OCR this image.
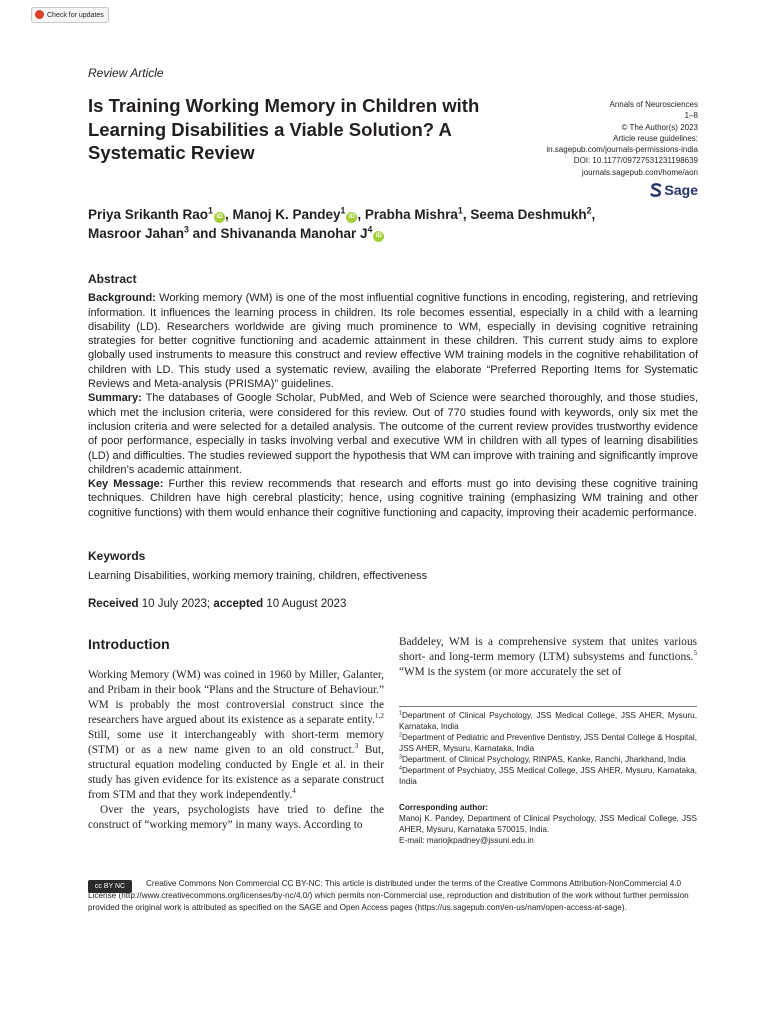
Check for updates
Review Article
Is Training Working Memory in Children with Learning Disabilities a Viable Solution? A Systematic Review
Annals of Neurosciences
1–8
© The Author(s) 2023
Article reuse guidelines:
in.sagepub.com/journals-permissions-india
DOI: 10.1177/09727531231198639
journals.sagepub.com/home/aon
Sage

Priya Srikanth Rao$^1$iD , Manoj K. Pandey$^1$iD , Prabha Mishra$^1$, Seema Deshmukh$^2$,
Masroor Jahan$^3$ and Shivananda Manohar $J^4iD$

Abstract

Background: Working memory (WM) is one of the most influential cognitive functions in encoding, registering, and retrieving information. It influences the learning process in children. Its role becomes essential, especially in a child with a learning disability (LD). Researchers worldwide are giving much prominence to WM, especially in devising cognitive retraining strategies for better cognitive functioning and academic attainment in these children. This current study aims to explore globally used instruments to measure this construct and review effective WM training models in the cognitive rehabilitation of children with LD. This study used a systematic review, availing the elaborate “Preferred Reporting Items for Systematic Reviews and Meta-analysis (PRISMA)” guidelines.

Summary: The databases of Google Scholar, PubMed, and Web of Science were searched thoroughly, and those studies, which met the inclusion criteria, were considered for this review. Out of 770 studies found with keywords, only six met the inclusion criteria and were selected for a detailed analysis. The outcome of the current review provides trustworthy evidence of poor performance, especially in tasks involving verbal and executive WM in children with all types of learning disabilities (LD) and difficulties. The studies reviewed support the hypothesis that WM can improve with training and significantly improve children’s academic attainment.

Key Message: Further this review recommends that research and efforts must go into devising these cognitive training techniques. Children have high cerebral plasticity; hence, using cognitive training (emphasizing WM training and other cognitive functions) with them would enhance their cognitive functioning and capacity, improving their academic performance.

Keywords

Learning Disabilities, working memory training, children, effectiveness

Received 10 July 2023; accepted 10 August 2023
Introduction

Working Memory (WM) was coined in 1960 by Miller, Galanter, and Pribam in their book “Plans and the Structure of Behaviour.” WM is probably the most controversial construct since the researchers have argued about its existence as a separate entity.$^{1,2}$ Still, some use it interchangeably with short-term memory (STM) or as a new name given to an old construct.$^3$ But, structural equation modeling conducted by Engle et al. in their study has given evidence for its existence as a separate construct from STM and that they work independently.$^4$

Over the years, psychologists have tried to define the construct of “working memory” in many ways. According to

Baddeley, WM is a comprehensive system that unites various short- and long-term memory (LTM) subsystems and functions.$^5$ “WM is the system (or more accurately the set of

$^1$Department of Clinical Psychology, JSS Medical College, JSS AHER, Mysuru, Karnataka, India
$^2$Department of Pediatric and Preventive Dentistry, JSS Dental College & Hospital, JSS AHER, Mysuru, Karnataka, India
$^3$Department. of Clinical Psychology, RINPAS, Kanke, Ranchi, Jharkhand, India
$^4$Department of Psychiatry, JSS Medical College, JSS AHER, Mysuru, Karnataka, India
Corresponding author:
Manoj K. Pandey, Department of Clinical Psychology, JSS Medical College, JSS AHER, Mysuru, Karnataka 570015, India.
E-mail: manojkpadney@jssuni.edu.in
cc BY NC	Creative Commons Non Commercial CC BY-NC: This article is distributed under the terms of the Creative Commons Attribution-NonCommercial 4.0 License (http://www.creativecommons.org/licenses/by-nc/4.0/) which permits non-Commercial use, reproduction and distribution of the work without further permission provided the original work is attributed as specified on the SAGE and Open Access pages (https://us.sagepub.com/en-us/nam/open-access-at-sage).
